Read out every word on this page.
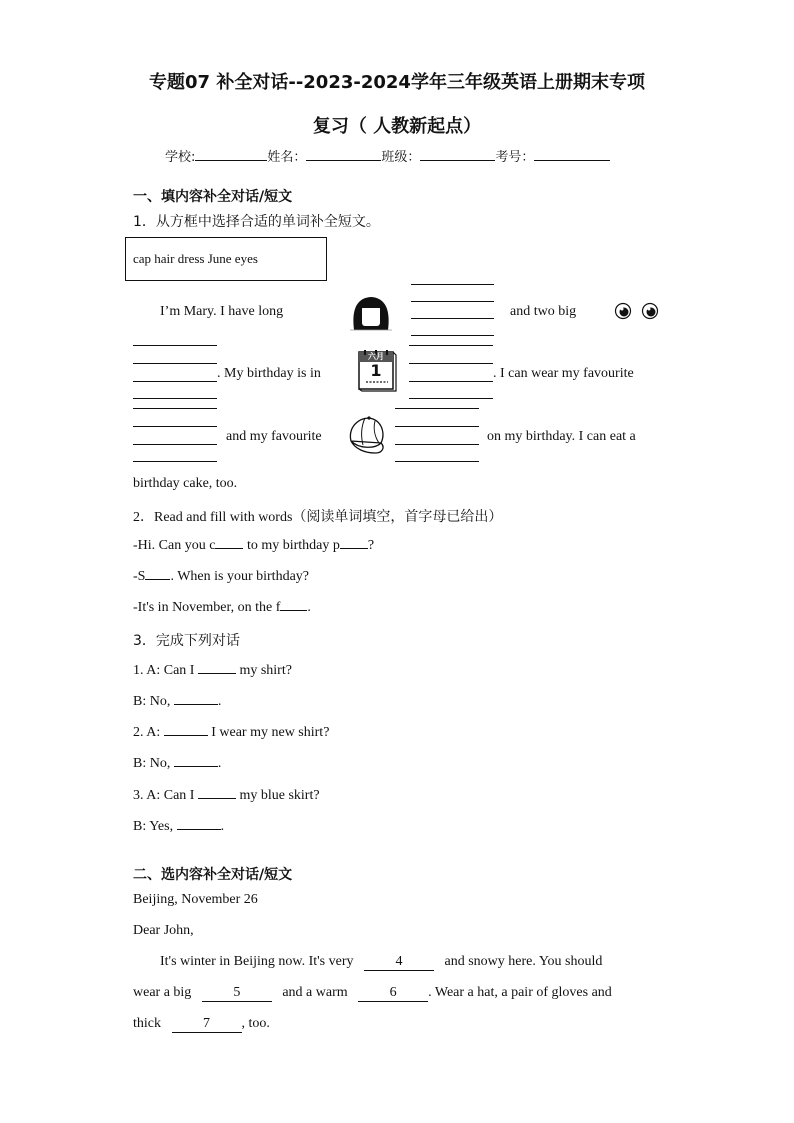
专题07 补全对话--2023-2024学年三年级英语上册期末专项
复习（ 人教新起点）
学校:	姓名：	班级：	考号：
一、填内容补全对话/短文
1．从方框中选择合适的单词补全短文。
cap hair dress June eyes
I’m Mary. I have long	and two big
. My birthday is in	. I can wear my favourite
六月
1
and my favourite	on my birthday. I can eat a
birthday cake, too.
2．Read and fill with words（阅读单词填空，首字母已给出）
-Hi. Can you c to my birthday p ?
-S . When is your birthday?
-It's in November, on the f .
3．完成下列对话
1. A: Can I	my shirt?
B: No,	.
2. A:	I wear my new shirt?
B: No,	.
3. A: Can I	my blue skirt?
B: Yes,	.
二、选内容补全对话/短文
Beijing, November 26
Dear John,
It's winter in Beijing now. It's very	4	and snowy here. You should
wear a big	5	and a warm	6 . Wear a hat, a pair of gloves and
thick	7 , too.
